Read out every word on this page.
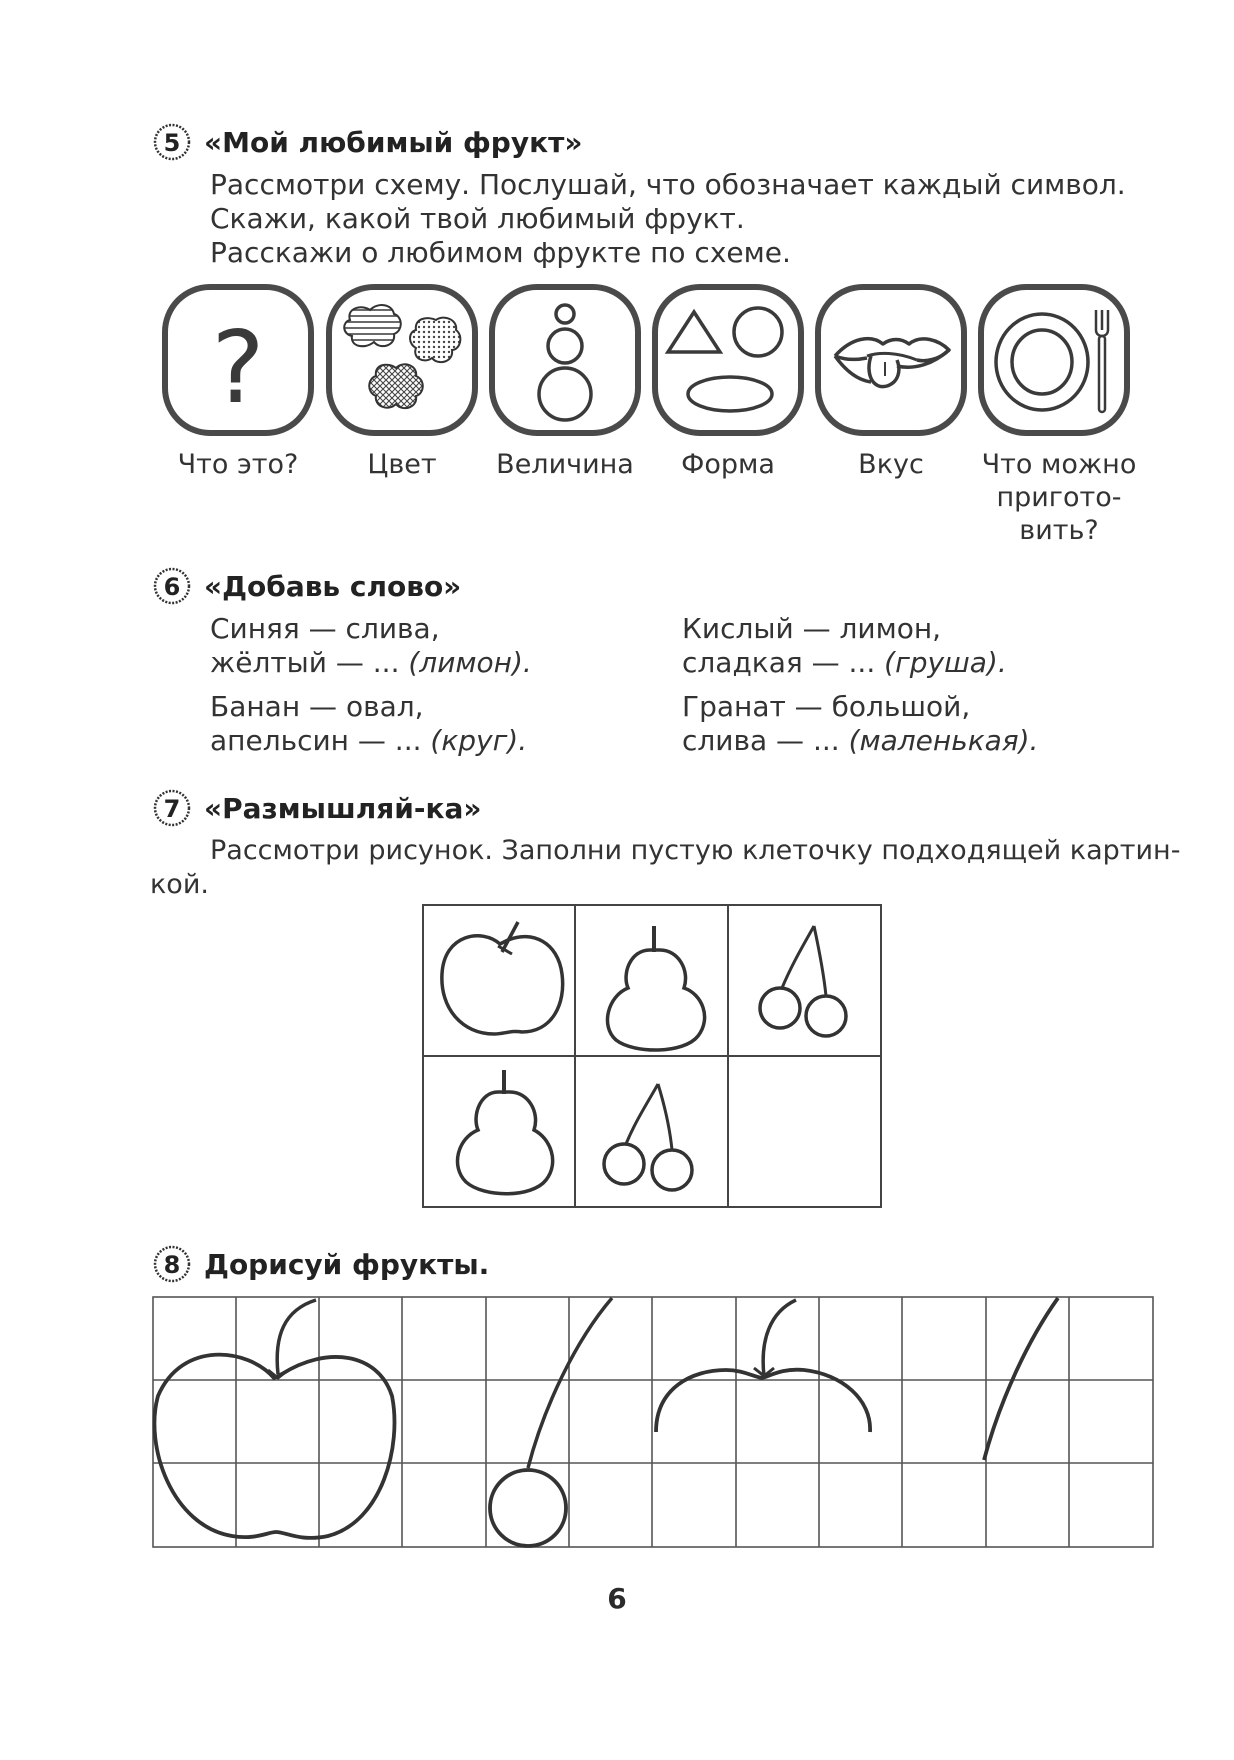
5 «Мой любимый фрукт»
Рассмотри схему. Послушай, что обозначает каждый символ.
Скажи, какой твой любимый фрукт.
Расскажи о любимом фрукте по схеме.
?
Что это?	Цвет	Величина	Форма	Вкус	Что можно пригото-вить?
6 «Добавь слово»
Синяя — слива,
жёлтый — ... (лимон).
Банан — овал,
апельсин — ... (круг).
Кислый — лимон,
сладкая — ... (груша).
Гранат — большой,
слива — ... (маленькая).
7 «Размышляй-ка»
Рассмотри рисунок. Заполни пустую клеточку подходящей картин-
кой.
8 Дорисуй фрукты.
6
